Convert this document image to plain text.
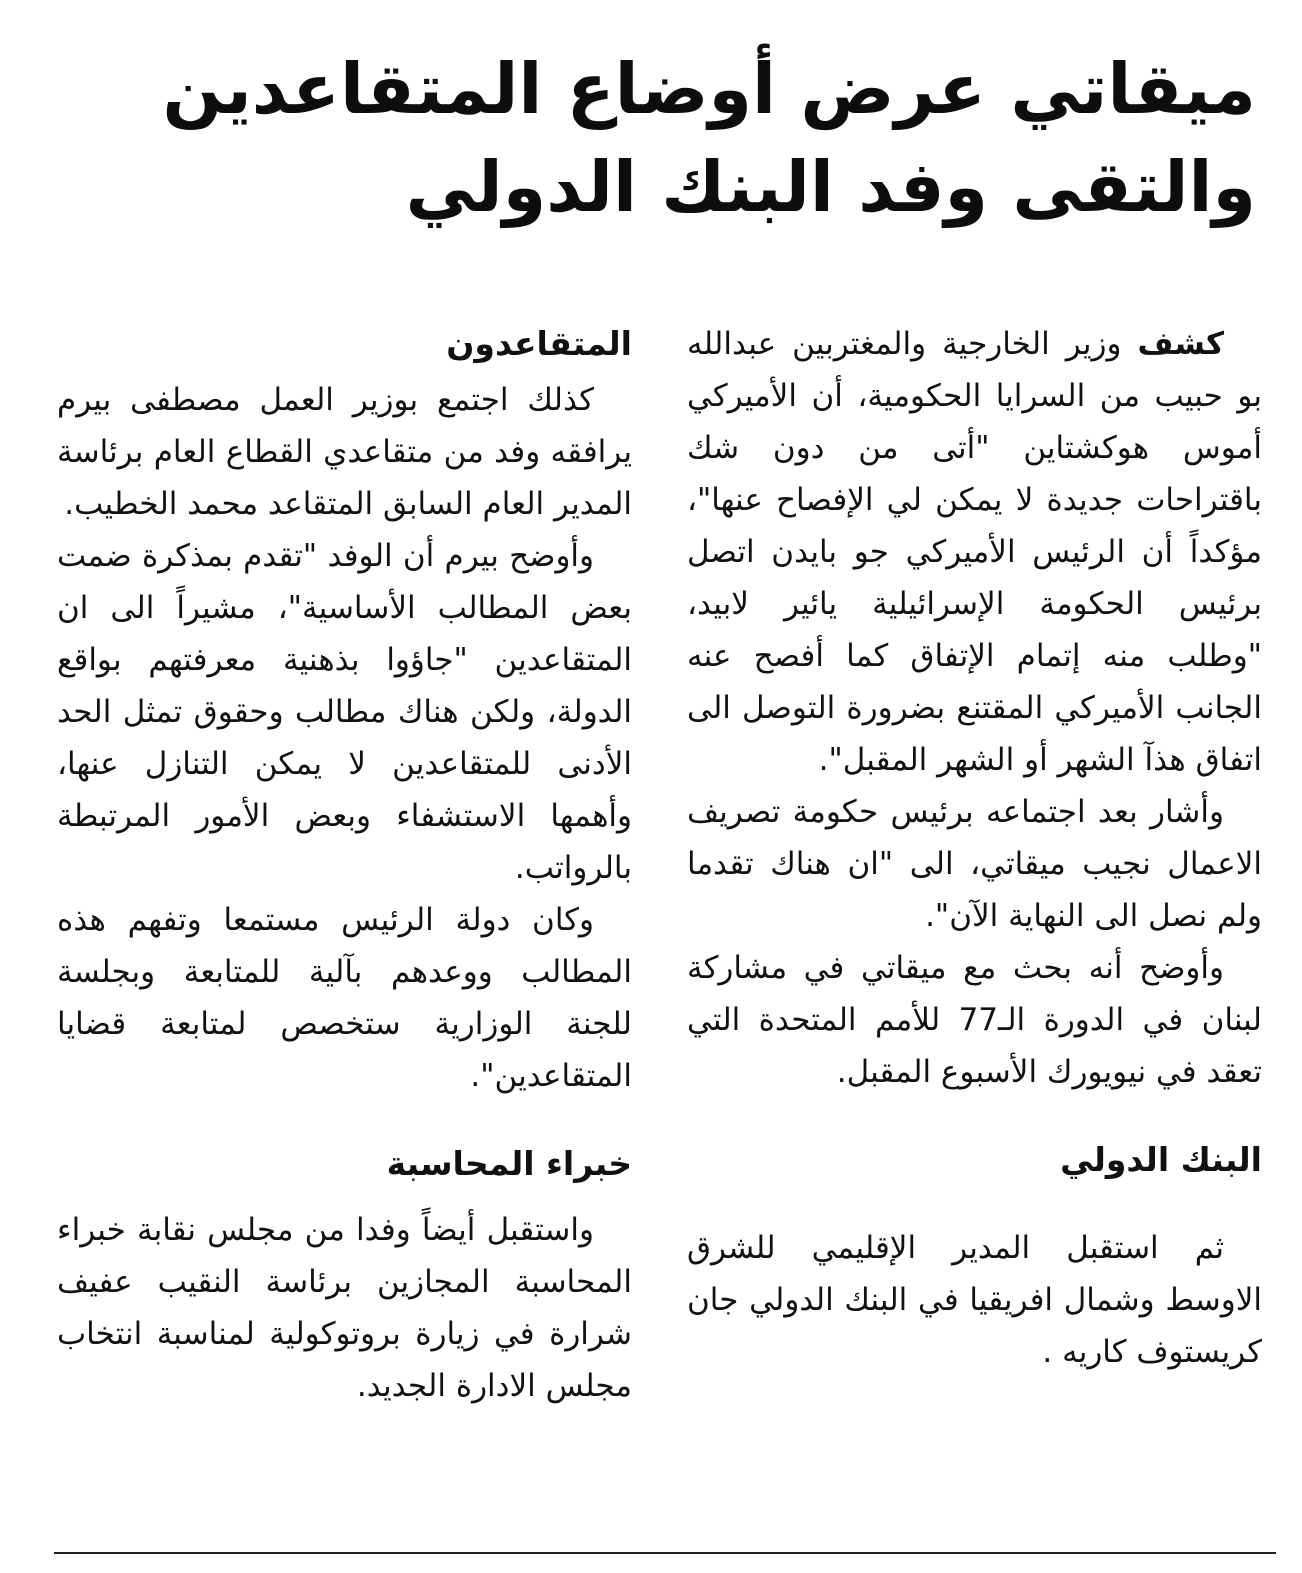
ميقاتي عرض أوضاع المتقاعدين
والتقى وفد البنك الدولي

كشف وزير الخارجية والمغتربين عبدالله بو حبيب من السرايا الحكومية، أن الأميركي أموس هوكشتاين "أتى من دون شك باقتراحات جديدة لا يمكن لي الإفصاح عنها"، مؤكداً أن الرئيس الأميركي جو بايدن اتصل برئيس الحكومة الإسرائيلية يائير لابيد، "وطلب منه إتمام الإتفاق كما أفصح عنه الجانب الأميركي المقتنع بضرورة التوصل الى اتفاق هذآ الشهر أو الشهر المقبل".

وأشار بعد اجتماعه برئيس حكومة تصريف الاعمال نجيب ميقاتي، الى "ان هناك تقدما ولم نصل الى النهاية الآن".

وأوضح أنه بحث مع ميقاتي في مشاركة لبنان في الدورة الـ77 للأمم المتحدة التي تعقد في نيويورك الأسبوع المقبل.

البنك الدولي

ثم استقبل المدير الإقليمي للشرق الاوسط وشمال افريقيا في البنك الدولي جان كريستوف كاريه .

المتقاعدون

كذلك اجتمع بوزير العمل مصطفى بيرم يرافقه وفد من متقاعدي القطاع العام برئاسة المدير العام السابق المتقاعد محمد الخطيب.

وأوضح بيرم أن الوفد "تقدم بمذكرة ضمت بعض المطالب الأساسية"، مشيراً الى ان المتقاعدين "جاؤوا بذهنية معرفتهم بواقع الدولة، ولكن هناك مطالب وحقوق تمثل الحد الأدنى للمتقاعدين لا يمكن التنازل عنها، وأهمها الاستشفاء وبعض الأمور المرتبطة بالرواتب.

وكان دولة الرئيس مستمعا وتفهم هذه المطالب ووعدهم بآلية للمتابعة وبجلسة للجنة الوزارية ستخصص لمتابعة قضايا المتقاعدين".

خبراء المحاسبة

واستقبل أيضاً وفدا من مجلس نقابة خبراء المحاسبة المجازين برئاسة النقيب عفيف شرارة في زيارة بروتوكولية لمناسبة انتخاب مجلس الادارة الجديد.
